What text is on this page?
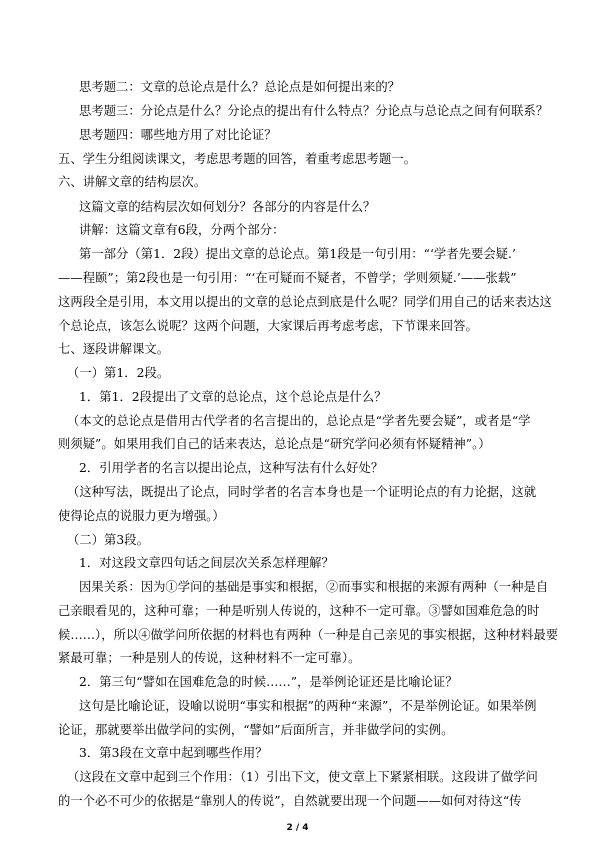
思考题二：文章的总论点是什么？总论点是如何提出来的？
思考题三：分论点是什么？分论点的提出有什么特点？分论点与总论点之间有何联系？
思考题四：哪些地方用了对比论证？
五、学生分组阅读课文，考虑思考题的回答，着重考虑思考题一。
六、讲解文章的结构层次。
这篇文章的结构层次如何划分？各部分的内容是什么？
讲解：这篇文章有6段，分两个部分：
第一部分（第1．2段）提出文章的总论点。第1段是一句引用：“‘学者先要会疑.’
——程颐”；第2段也是一句引用：“‘在可疑而不疑者，不曾学；学则须疑.’——张载”
这两段全是引用，本文用以提出的文章的总论点到底是什么呢？同学们用自己的话来表达这
个总论点，该怎么说呢？这两个问题，大家课后再考虑考虑，下节课来回答。
七、逐段讲解课文。
（一）第1．2段。
1．第1．2段提出了文章的总论点，这个总论点是什么？
（本文的总论点是借用古代学者的名言提出的，总论点是“学者先要会疑”，或者是“学
则须疑”。如果用我们自己的话来表达，总论点是“研究学问必须有怀疑精神”。）
2．引用学者的名言以提出论点，这种写法有什么好处？
（这种写法，既提出了论点，同时学者的名言本身也是一个证明论点的有力论据，这就
使得论点的说服力更为增强。）
（二）第3段。
1．对这段文章四句话之间层次关系怎样理解？
因果关系：因为①学问的基础是事实和根据，②而事实和根据的来源有两种（一种是自
己亲眼看见的，这种可靠；一种是听别人传说的，这种不一定可靠。③譬如国难危急的时
候……），所以④做学问所依据的材料也有两种（一种是自己亲见的事实根据，这种材料最要
紧最可靠；一种是别人的传说，这种材料不一定可靠）。
2．第三句“譬如在国难危急的时候……”，是举例论证还是比喻论证？
这句是比喻论证，设喻以说明“事实和根据”的两种“来源”，不是举例论证。如果举例
论证，那就要举出做学问的实例，“譬如”后面所言，并非做学问的实例。
3．第3段在文章中起到哪些作用？
（这段在文章中起到三个作用：（1）引出下文，使文章上下紧紧相联。这段讲了做学问
的一个必不可少的依据是“靠别人的传说”，自然就要出现一个问题——如何对待这“传
2 / 4
